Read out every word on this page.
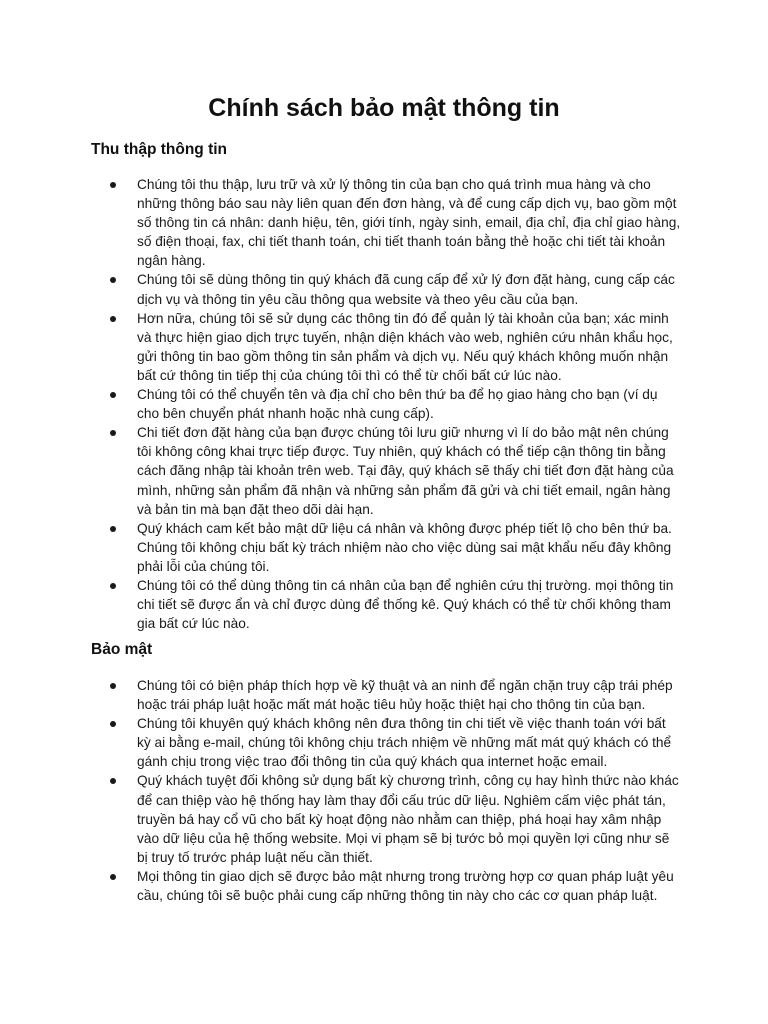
Chính sách bảo mật thông tin
Thu thập thông tin
Chúng tôi thu thập, lưu trữ và xử lý thông tin của bạn cho quá trình mua hàng và cho những thông báo sau này liên quan đến đơn hàng, và để cung cấp dịch vụ, bao gồm một số thông tin cá nhân: danh hiệu, tên, giới tính, ngày sinh, email, địa chỉ, địa chỉ giao hàng, số điện thoại, fax, chi tiết thanh toán, chi tiết thanh toán bằng thẻ hoặc chi tiết tài khoản ngân hàng.
Chúng tôi sẽ dùng thông tin quý khách đã cung cấp để xử lý đơn đặt hàng, cung cấp các dịch vụ và thông tin yêu cầu thông qua website và theo yêu cầu của bạn.
Hơn nữa, chúng tôi sẽ sử dụng các thông tin đó để quản lý tài khoản của bạn; xác minh và thực hiện giao dịch trực tuyến, nhận diện khách vào web, nghiên cứu nhân khẩu học, gửi thông tin bao gồm thông tin sản phẩm và dịch vụ. Nếu quý khách không muốn nhận bất cứ thông tin tiếp thị của chúng tôi thì có thể từ chối bất cứ lúc nào.
Chúng tôi có thể chuyển tên và địa chỉ cho bên thứ ba để họ giao hàng cho bạn (ví dụ cho bên chuyển phát nhanh hoặc nhà cung cấp).
Chi tiết đơn đặt hàng của bạn được chúng tôi lưu giữ nhưng vì lí do bảo mật nên chúng tôi không công khai trực tiếp được. Tuy nhiên, quý khách có thể tiếp cận thông tin bằng cách đăng nhập tài khoản trên web. Tại đây, quý khách sẽ thấy chi tiết đơn đặt hàng của mình, những sản phẩm đã nhận và những sản phẩm đã gửi và chi tiết email, ngân hàng và bản tin mà bạn đặt theo dõi dài hạn.
Quý khách cam kết bảo mật dữ liệu cá nhân và không được phép tiết lộ cho bên thứ ba. Chúng tôi không chịu bất kỳ trách nhiệm nào cho việc dùng sai mật khẩu nếu đây không phải lỗi của chúng tôi.
Chúng tôi có thể dùng thông tin cá nhân của bạn để nghiên cứu thị trường. mọi thông tin chi tiết sẽ được ẩn và chỉ được dùng để thống kê. Quý khách có thể từ chối không tham gia bất cứ lúc nào.
Bảo mật
Chúng tôi có biện pháp thích hợp về kỹ thuật và an ninh để ngăn chặn truy cập trái phép hoặc trái pháp luật hoặc mất mát hoặc tiêu hủy hoặc thiệt hại cho thông tin của bạn.
Chúng tôi khuyên quý khách không nên đưa thông tin chi tiết về việc thanh toán với bất kỳ ai bằng e-mail, chúng tôi không chịu trách nhiệm về những mất mát quý khách có thể gánh chịu trong việc trao đổi thông tin của quý khách qua internet hoặc email.
Quý khách tuyệt đối không sử dụng bất kỳ chương trình, công cụ hay hình thức nào khác để can thiệp vào hệ thống hay làm thay đổi cấu trúc dữ liệu. Nghiêm cấm việc phát tán, truyền bá hay cổ vũ cho bất kỳ hoạt động nào nhằm can thiệp, phá hoại hay xâm nhập vào dữ liệu của hệ thống website. Mọi vi phạm sẽ bị tước bỏ mọi quyền lợi cũng như sẽ bị truy tố trước pháp luật nếu cần thiết.
Mọi thông tin giao dịch sẽ được bảo mật nhưng trong trường hợp cơ quan pháp luật yêu cầu, chúng tôi sẽ buộc phải cung cấp những thông tin này cho các cơ quan pháp luật.
